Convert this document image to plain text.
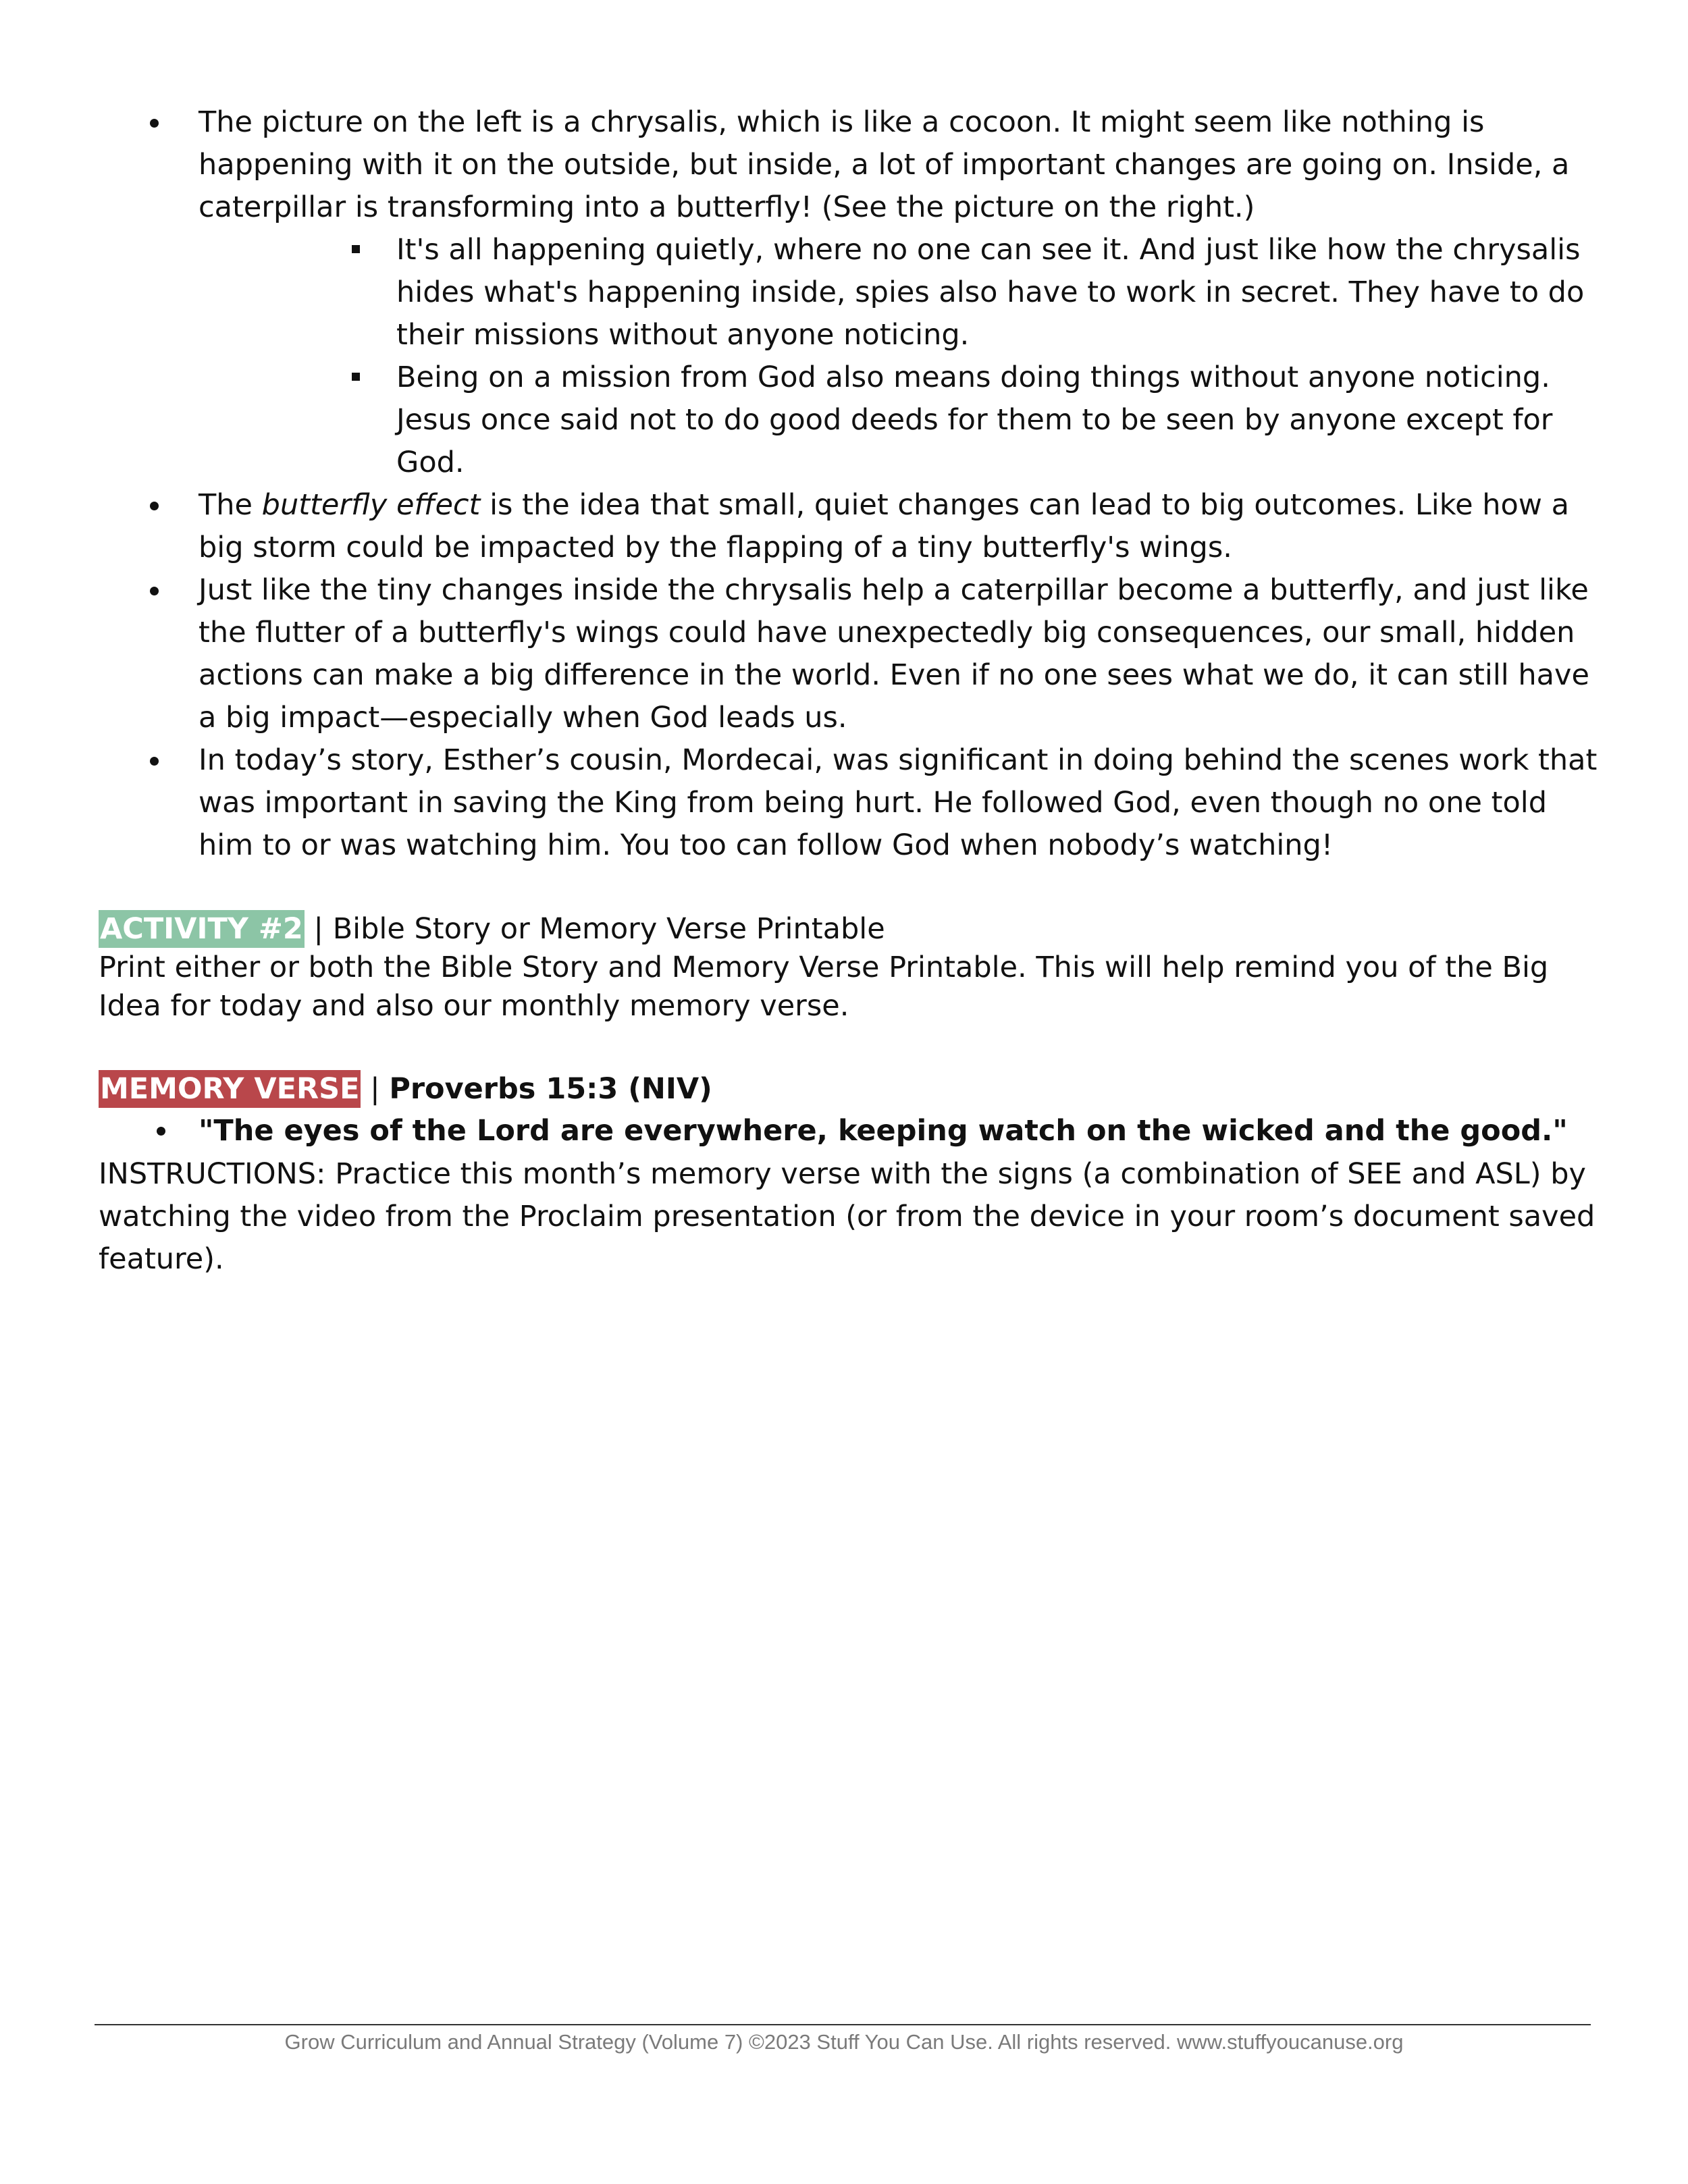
The picture on the left is a chrysalis, which is like a cocoon. It might seem like nothing is happening with it on the outside, but inside, a lot of important changes are going on. Inside, a caterpillar is transforming into a butterfly! (See the picture on the right.)
It's all happening quietly, where no one can see it. And just like how the chrysalis hides what's happening inside, spies also have to work in secret. They have to do their missions without anyone noticing.
Being on a mission from God also means doing things without anyone noticing. Jesus once said not to do good deeds for them to be seen by anyone except for God.
The butterfly effect is the idea that small, quiet changes can lead to big outcomes. Like how a big storm could be impacted by the flapping of a tiny butterfly's wings.
Just like the tiny changes inside the chrysalis help a caterpillar become a butterfly, and just like the flutter of a butterfly's wings could have unexpectedly big consequences, our small, hidden actions can make a big difference in the world. Even if no one sees what we do, it can still have a big impact—especially when God leads us.
In today’s story, Esther’s cousin, Mordecai, was significant in doing behind the scenes work that was important in saving the King from being hurt. He followed God, even though no one told him to or was watching him. You too can follow God when nobody’s watching!
ACTIVITY #2 | Bible Story or Memory Verse Printable

Print either or both the Bible Story and Memory Verse Printable. This will help remind you of the Big Idea for today and also our monthly memory verse.

MEMORY VERSE | Proverbs 15:3 (NIV)
"The eyes of the Lord are everywhere, keeping watch on the wicked and the good."

INSTRUCTIONS: Practice this month’s memory verse with the signs (a combination of SEE and ASL) by watching the video from the Proclaim presentation (or from the device in your room’s document saved feature).

Grow Curriculum and Annual Strategy (Volume 7) ©2023 Stuff You Can Use. All rights reserved. www.stuffyoucanuse.org
